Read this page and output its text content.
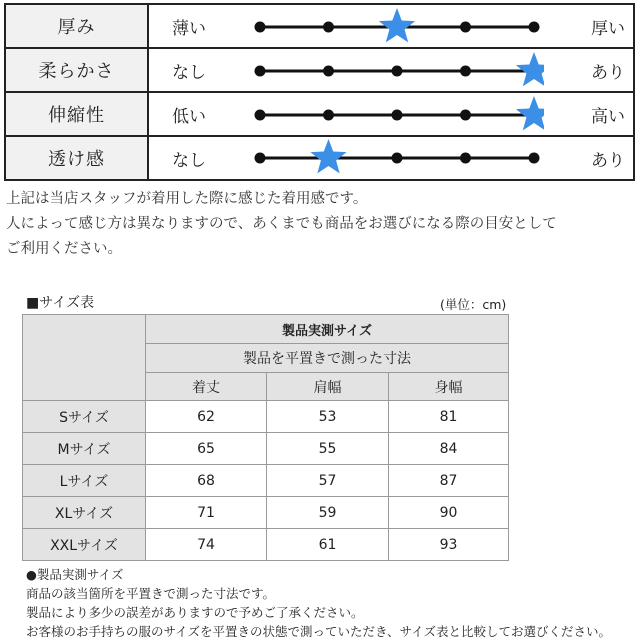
厚み	薄い	厚い
柔らかさ	なし	あり
伸縮性	低い	高い
透け感	なし	あり
上記は当店スタッフが着用した際に感じた着用感です。
人によって感じ方は異なりますので、あくまでも商品をお選びになる際の目安として
ご利用ください。
■サイズ表	(単位：cm)
	製品実測サイズ		
	製品を平置きで測った寸法		
	着丈	肩幅	身幅
Sサイズ	62	53	81
Mサイズ	65	55	84
Lサイズ	68	57	87
XLサイズ	71	59	90
XXLサイズ	74	61	93
●製品実測サイズ
商品の該当箇所を平置きで測った寸法です。
製品により多少の誤差がありますので予めご了承ください。
お客様のお手持ちの服のサイズを平置きの状態で測っていただき、サイズ表と比較してお選びください。
